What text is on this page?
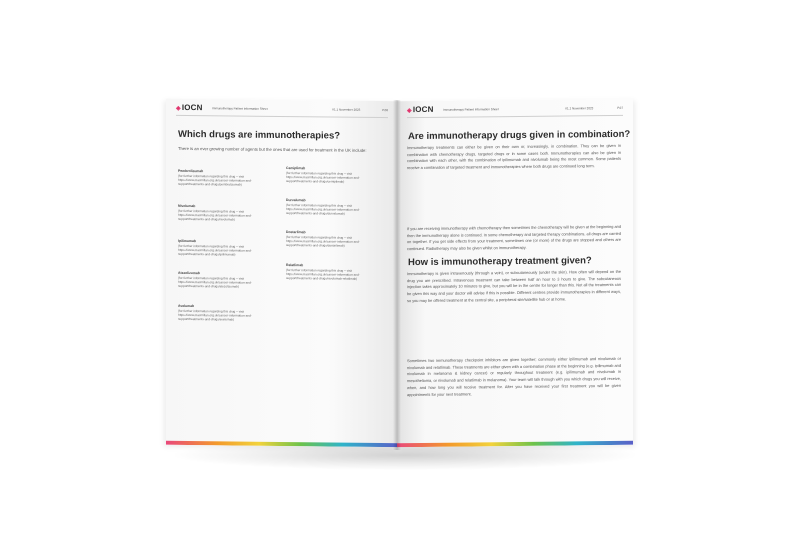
◈IOCN	Immunotherapy Patient Information Sheet	V1.1 November 2023	P.08
Which drugs are immunotherapies?
There is an ever growing number of agents but the ones that are used for treatment in the UK include:
Pembrolizumab
(for further information regarding this drug – visit https://www.macmillan.org.uk/cancer-information-and-support/treatments-and-drugs/pembrolizumab)
Nivolumab
(for further information regarding this drug – visit https://www.macmillan.org.uk/cancer-information-and-support/treatments-and-drugs/nivolumab)
Ipilimumab
(for further information regarding this drug – visit https://www.macmillan.org.uk/cancer-information-and-support/treatments-and-drugs/ipilimumab)
Atezolizumab
(for further information regarding this drug – visit https://www.macmillan.org.uk/cancer-information-and-support/treatments-and-drugs/atezolizumab)
Avelumab
(for further information regarding this drug – visit https://www.macmillan.org.uk/cancer-information-and-support/treatments-and-drugs/avelumab)
Cemiplimab
(for further information regarding this drug – visit https://www.macmillan.org.uk/cancer-information-and-support/treatments-and-drugs/cemiplimab)
Durvalumab
(for further information regarding this drug – visit https://www.macmillan.org.uk/cancer-information-and-support/treatments-and-drugs/durvalumab)
Dostarlimab
(for further information regarding this drug – visit https://www.macmillan.org.uk/cancer-information-and-support/treatments-and-drugs/dostarlimab)
Relatlimab
(for further information regarding this drug – visit https://www.macmillan.org.uk/cancer-information-and-support/treatments-and-drugs/nivolumab-relatlimab)
◈IOCN	Immunotherapy Patient Information Sheet	V1.1 November 2023	P.07
Are immunotherapy drugs given in combination?
Immunotherapy treatments can either be given on their own or, increasingly, in combination. They can be given in combination with chemotherapy drugs, targeted drugs or in some cases both. Immunotherapies can also be given in combination with each other, with the combination of ipilimumab and nivolumab being the most common. Some patients receive a combination of targeted treatment and immunotherapies where both drugs are continued long term.
If you are receiving immunotherapy with chemotherapy then sometimes the chemotherapy will be given at the beginning and then the immunotherapy alone is continued. In some chemotherapy and targeted therapy combinations, all drugs are carried on together. If you get side effects from your treatment, sometimes one (or more) of the drugs are stopped and others are continued. Radiotherapy may also be given whilst on immunotherapy.
How is immunotherapy treatment given?
Immunotherapy is given intravenously (through a vein), or subcutaneously (under the skin). How often will depend on the drug you are prescribed. Intravenous treatment can take between half an hour to 3 hours to give. The subcutaneous injection takes approximately 10 minutes to give, but you will be in the centre for longer than this. Not all the treatments can be given this way and your doctor will advise if this is possible. Different centres provide immunotherapies in different ways, so you may be offered treatment at the central site, a peripheral site/satellite hub or at home.
Sometimes two immunotherapy checkpoint inhibitors are given together; commonly either ipilimumab and nivolumab or nivolumab and relatlimab. These treatments are either given with a combination phase at the beginning (e.g. ipilimumab and nivolumab in melanoma & kidney cancer) or regularly throughout treatment (e.g. ipilimumab and nivolumab in mesothelioma, or nivolumab and relatlimab in melanoma). Your team will talk through with you which drugs you will receive, when, and how long you will receive treatment for. After you have received your first treatment you will be given appointments for your next treatment.
